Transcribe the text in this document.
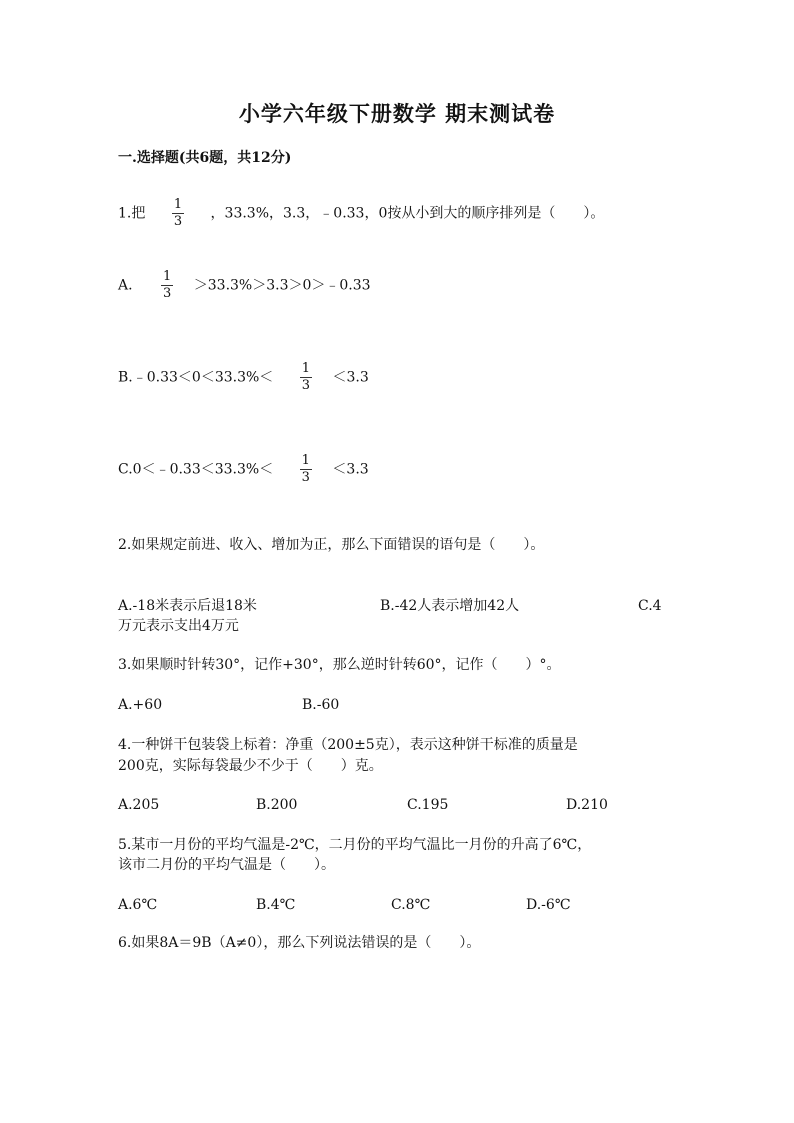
小学六年级下册数学 期末测试卷
一.选择题(共6题，共12分)
1.把 $\frac{1}{3}$ ，33.3%，3.3，﹣0.33，0按从小到大的顺序排列是（　　）。
A. $\frac{1}{3}$ ＞33.3%＞3.3＞0＞﹣0.33
B.﹣0.33＜0＜33.3%＜ $\frac{1}{3} <3.3$
C.0＜﹣0.33＜33.3%＜ $\frac{1}{3} <3.3$
2.如果规定前进、收入、增加为正，那么下面错误的语句是（　　）。
A.-18米表示后退18米	B.-42人表示增加42人	C.4
万元表示支出4万元
3.如果顺时针转30°，记作+30°，那么逆时针转60°，记作（　　）°。
A.+60	B.-60
4.一种饼干包装袋上标着：净重（200±5克），表示这种饼干标准的质量是
200克，实际每袋最少不少于（　　）克。
A.205	B.200	C.195	D.210
5.某市一月份的平均气温是-2℃，二月份的平均气温比一月份的升高了6℃，
该市二月份的平均气温是（　　）。
A.6℃	B.4℃	C.8℃	D.-6℃
6.如果8A＝9B（A≠0），那么下列说法错误的是（　　）。
